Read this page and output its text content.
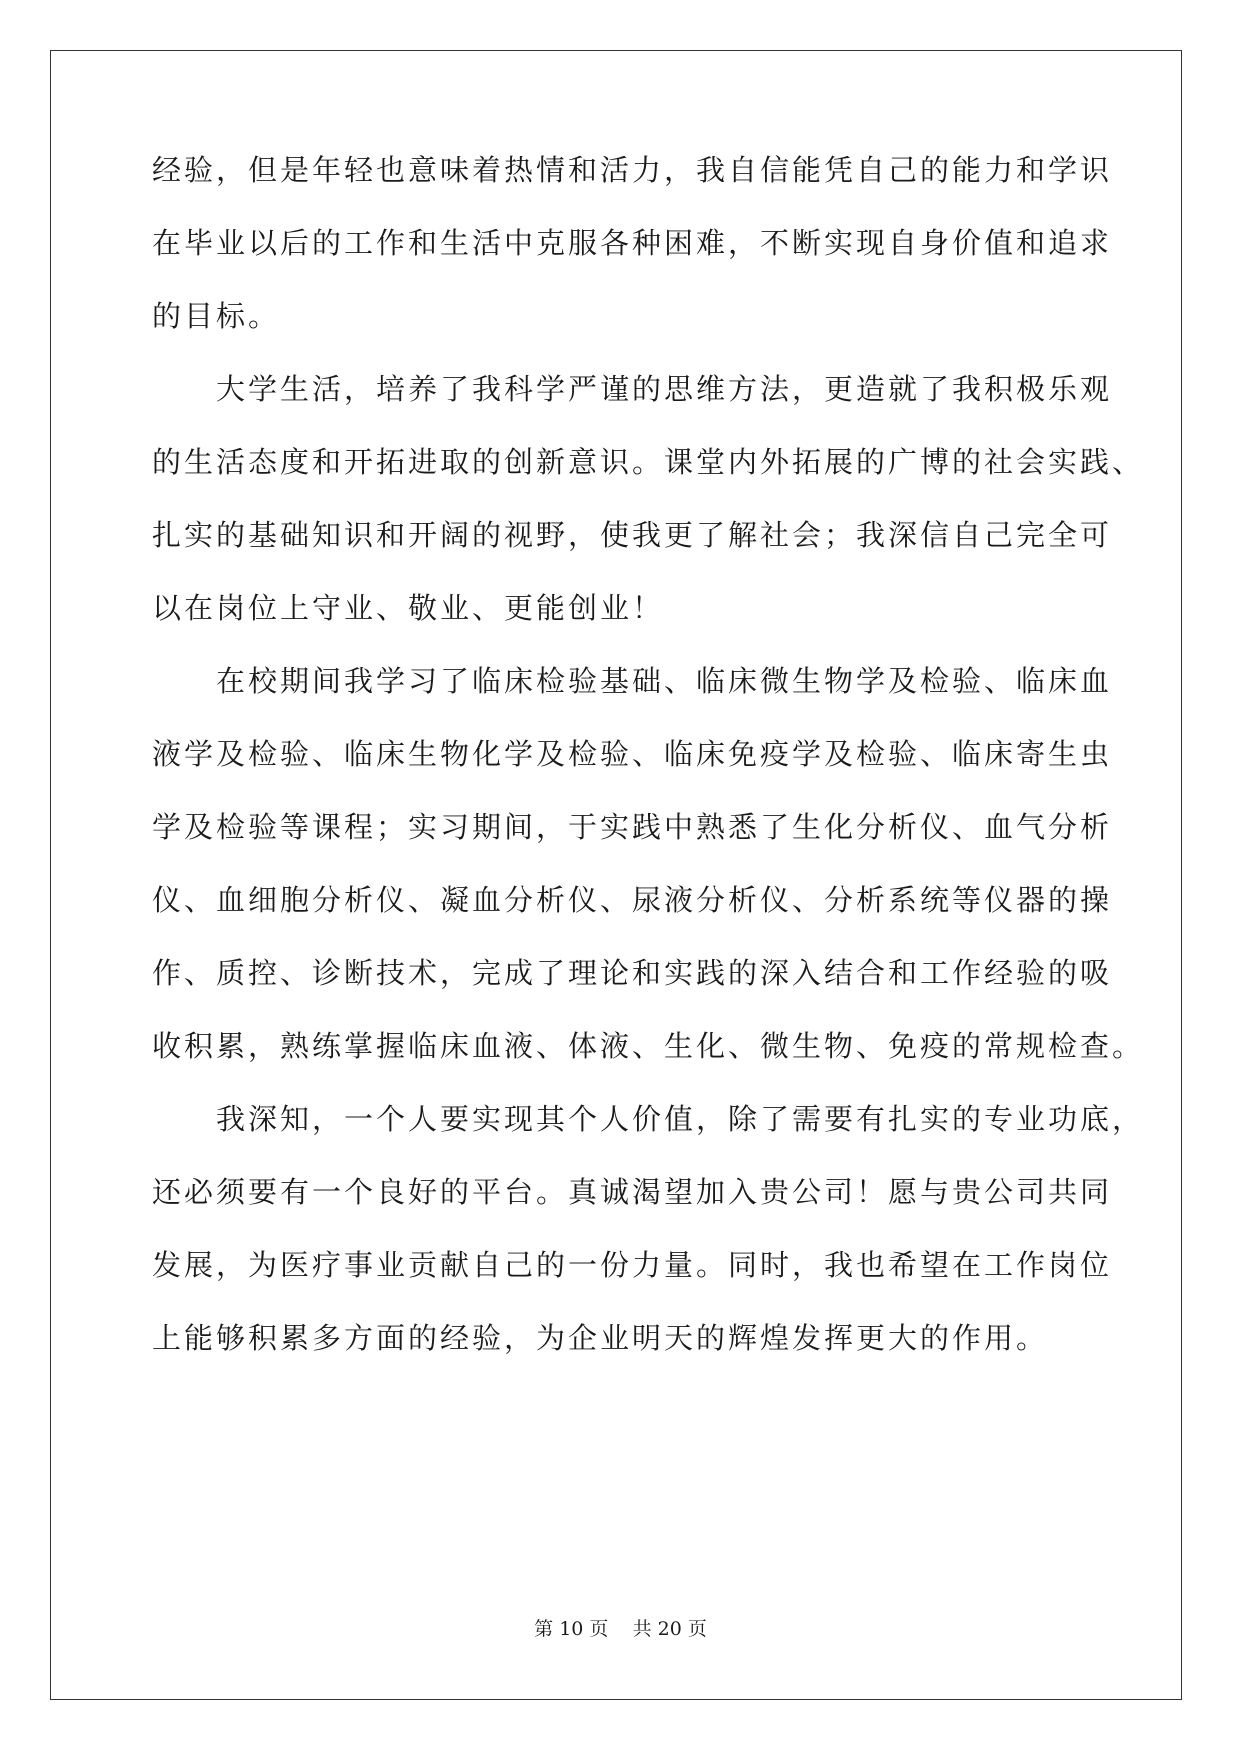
经验，但是年轻也意味着热情和活力，我自信能凭自己的能力和学识
在毕业以后的工作和生活中克服各种困难，不断实现自身价值和追求
的目标。
大学生活，培养了我科学严谨的思维方法，更造就了我积极乐观
的生活态度和开拓进取的创新意识。课堂内外拓展的广博的社会实践、
扎实的基础知识和开阔的视野，使我更了解社会；我深信自己完全可
以在岗位上守业、敬业、更能创业！
在校期间我学习了临床检验基础、临床微生物学及检验、临床血
液学及检验、临床生物化学及检验、临床免疫学及检验、临床寄生虫
学及检验等课程；实习期间，于实践中熟悉了生化分析仪、血气分析
仪、血细胞分析仪、凝血分析仪、尿液分析仪、分析系统等仪器的操
作、质控、诊断技术，完成了理论和实践的深入结合和工作经验的吸
收积累，熟练掌握临床血液、体液、生化、微生物、免疫的常规检查。
我深知，一个人要实现其个人价值，除了需要有扎实的专业功底，
还必须要有一个良好的平台。真诚渴望加入贵公司！愿与贵公司共同
发展，为医疗事业贡献自己的一份力量。同时，我也希望在工作岗位
上能够积累多方面的经验，为企业明天的辉煌发挥更大的作用。
第 10 页    共 20 页
